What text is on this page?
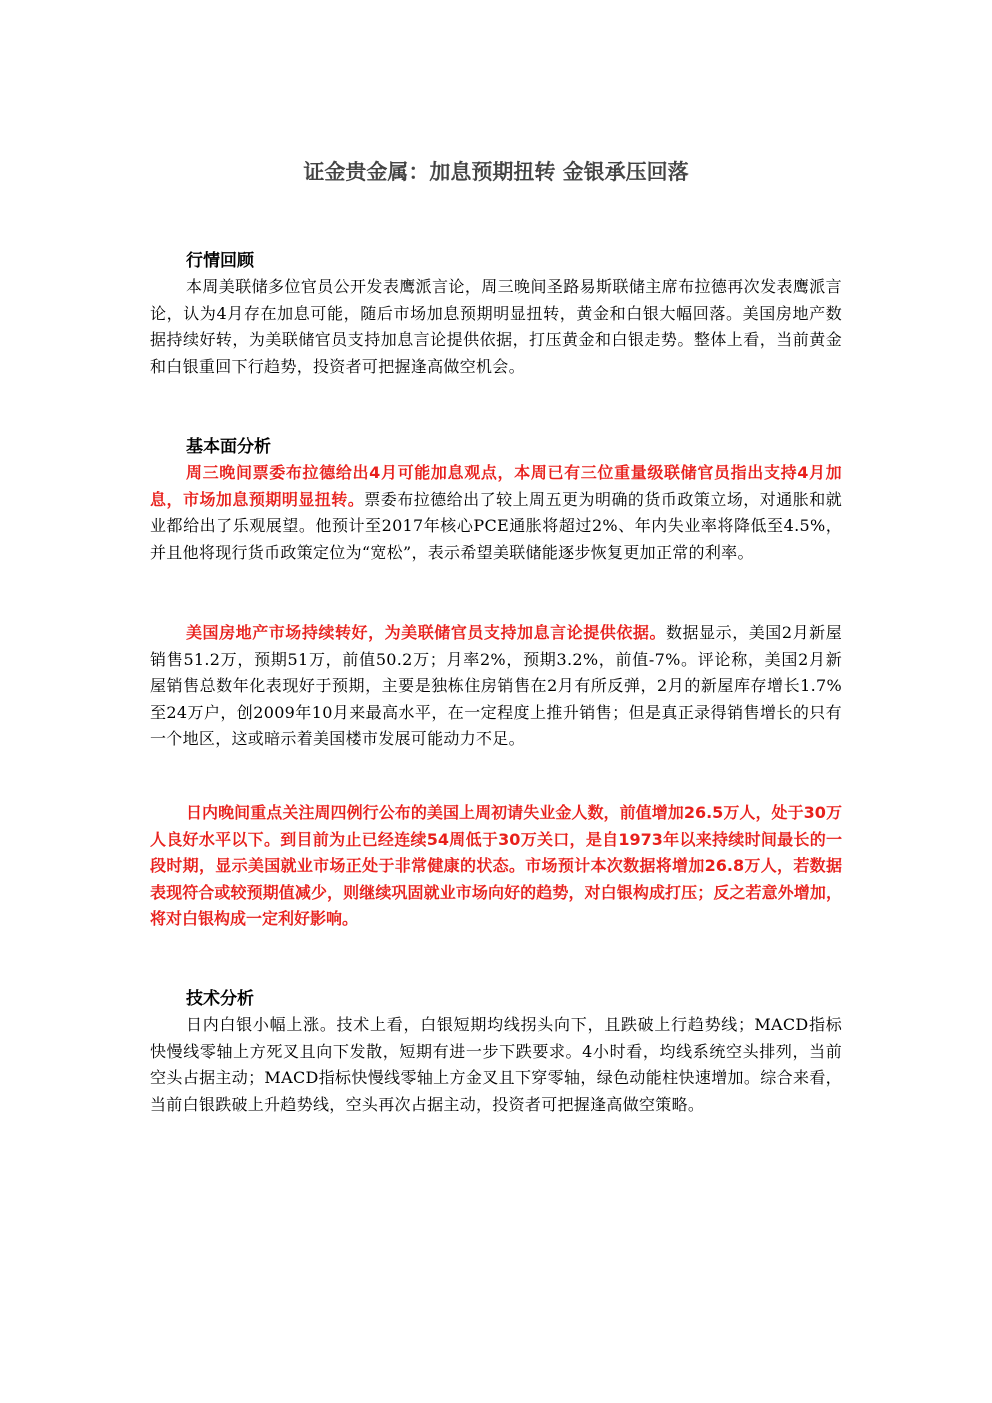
证金贵金属：加息预期扭转 金银承压回落
行情回顾

本周美联储多位官员公开发表鹰派言论，周三晚间圣路易斯联储主席布拉德再次发表鹰派言论，认为4月存在加息可能，随后市场加息预期明显扭转，黄金和白银大幅回落。美国房地产数据持续好转，为美联储官员支持加息言论提供依据，打压黄金和白银走势。整体上看，当前黄金和白银重回下行趋势，投资者可把握逢高做空机会。

基本面分析

周三晚间票委布拉德给出4月可能加息观点，本周已有三位重量级联储官员指出支持4月加息，市场加息预期明显扭转。票委布拉德给出了较上周五更为明确的货币政策立场，对通胀和就业都给出了乐观展望。他预计至2017年核心PCE通胀将超过2%、年内失业率将降低至4.5%，并且他将现行货币政策定位为“宽松”，表示希望美联储能逐步恢复更加正常的利率。

美国房地产市场持续转好，为美联储官员支持加息言论提供依据。数据显示，美国2月新屋销售51.2万，预期51万，前值50.2万；月率2%，预期3.2%，前值-7%。评论称，美国2月新屋销售总数年化表现好于预期，主要是独栋住房销售在2月有所反弹，2月的新屋库存增长1.7%至24万户，创2009年10月来最高水平，在一定程度上推升销售；但是真正录得销售增长的只有一个地区，这或暗示着美国楼市发展可能动力不足。

日内晚间重点关注周四例行公布的美国上周初请失业金人数，前值增加26.5万人，处于30万人良好水平以下。到目前为止已经连续54周低于30万关口，是自1973年以来持续时间最长的一段时期，显示美国就业市场正处于非常健康的状态。市场预计本次数据将增加26.8万人，若数据表现符合或较预期值减少，则继续巩固就业市场向好的趋势，对白银构成打压；反之若意外增加，将对白银构成一定利好影响。

技术分析

日内白银小幅上涨。技术上看，白银短期均线拐头向下，且跌破上行趋势线；MACD指标快慢线零轴上方死叉且向下发散，短期有进一步下跌要求。4小时看，均线系统空头排列，当前空头占据主动；MACD指标快慢线零轴上方金叉且下穿零轴，绿色动能柱快速增加。综合来看，当前白银跌破上升趋势线，空头再次占据主动，投资者可把握逢高做空策略。
